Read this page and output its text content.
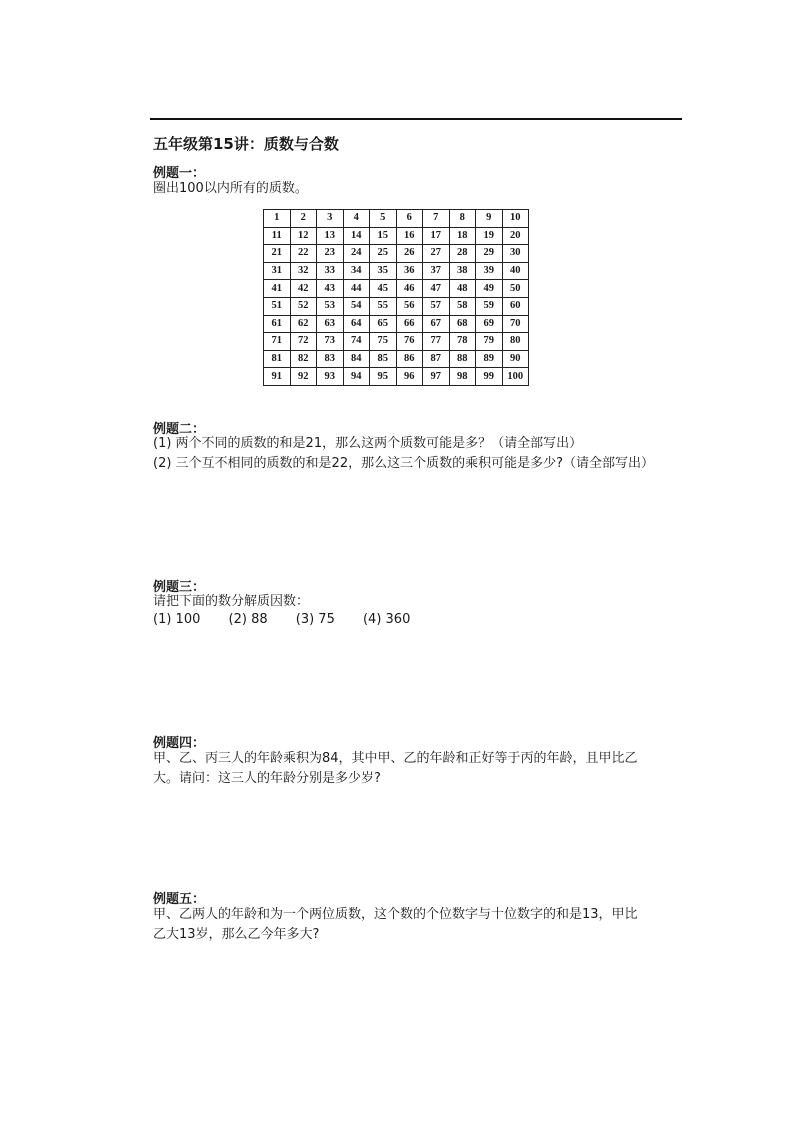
五年级第15讲：质数与合数
例题一：
圈出100以内所有的质数。
1	2	3	4	5	6	7	8	9	10
11	12	13	14	15	16	17	18	19	20
21	22	23	24	25	26	27	28	29	30
31	32	33	34	35	36	37	38	39	40
41	42	43	44	45	46	47	48	49	50
51	52	53	54	55	56	57	58	59	60
61	62	63	64	65	66	67	68	69	70
71	72	73	74	75	76	77	78	79	80
81	82	83	84	85	86	87	88	89	90
91	92	93	94	95	96	97	98	99	100
例题二：
(1) 两个不同的质数的和是21，那么这两个质数可能是多？（请全部写出）
(2) 三个互不相同的质数的和是22，那么这三个质数的乘积可能是多少?（请全部写出）
例题三：
请把下面的数分解质因数：
(1) 100 (2) 88 (3) 75 (4) 360
例题四：
甲、乙、丙三人的年龄乘积为84，其中甲、乙的年龄和正好等于丙的年龄，且甲比乙
大。请问：这三人的年龄分别是多少岁?
例题五：
甲、乙两人的年龄和为一个两位质数，这个数的个位数字与十位数字的和是13，甲比
乙大13岁，那么乙今年多大?
